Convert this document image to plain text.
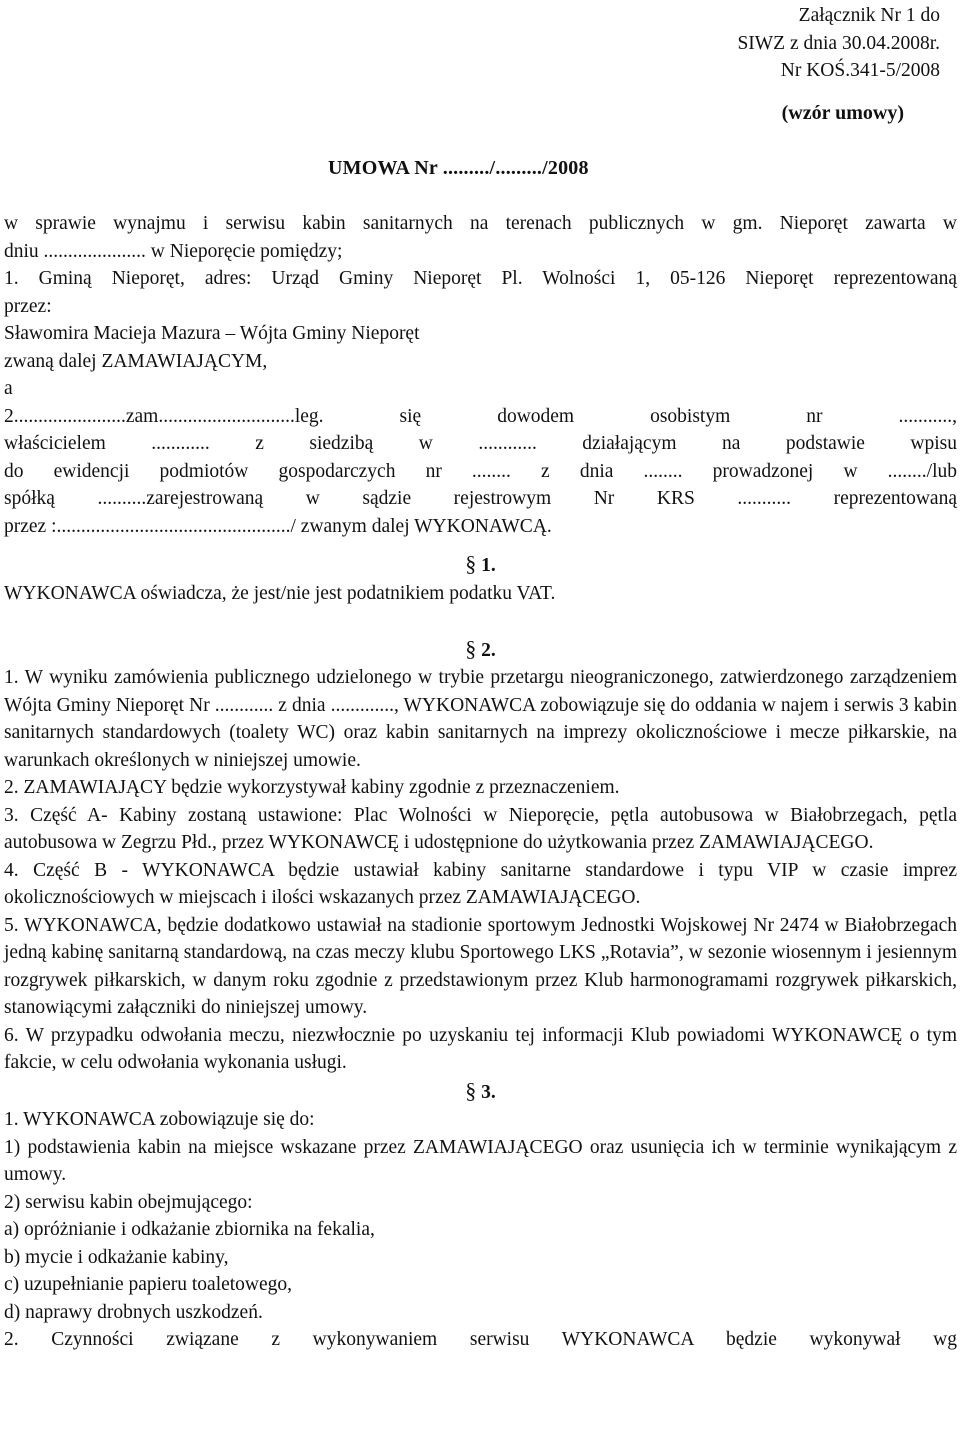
Załącznik Nr 1 do
SIWZ z dnia 30.04.2008r.
Nr KOŚ.341-5/2008
(wzór umowy)
UMOWA Nr ........./........./2008
w sprawie wynajmu i serwisu kabin sanitarnych na terenach publicznych w gm. Nieporęt zawarta w
dniu ..................... w Nieporęcie pomiędzy;
1. Gminą Nieporęt, adres: Urząd Gminy Nieporęt Pl. Wolności 1, 05-126 Nieporęt reprezentowaną
przez:
Sławomira Macieja Mazura – Wójta Gminy Nieporęt
zwaną dalej ZAMAWIAJĄCYM,
a
2.......................zam............................leg. się dowodem osobistym nr ...........,
właścicielem ............ z siedzibą w ............ działającym na podstawie wpisu
do ewidencji podmiotów gospodarczych nr ........ z dnia ........ prowadzonej w ......../lub
spółką ..........zarejestrowaną w sądzie rejestrowym Nr KRS ........... reprezentowaną
przez :................................................/ zwanym dalej WYKONAWCĄ.
§ 1.
WYKONAWCA oświadcza, że jest/nie jest podatnikiem podatku VAT.
§ 2.
1. W wyniku zamówienia publicznego udzielonego w trybie przetargu nieograniczonego, zatwierdzonego zarządzeniem Wójta Gminy Nieporęt Nr ............ z dnia ............., WYKONAWCA zobowiązuje się do oddania w najem i serwis 3 kabin sanitarnych standardowych (toalety WC) oraz kabin sanitarnych na imprezy okolicznościowe i mecze piłkarskie, na warunkach określonych w niniejszej umowie.
2. ZAMAWIAJĄCY będzie wykorzystywał kabiny zgodnie z przeznaczeniem.
3. Część A- Kabiny zostaną ustawione: Plac Wolności w Nieporęcie, pętla autobusowa w Białobrzegach, pętla autobusowa w Zegrzu Płd., przez WYKONAWCĘ i udostępnione do użytkowania przez ZAMAWIAJĄCEGO.
4. Część B - WYKONAWCA będzie ustawiał kabiny sanitarne standardowe i typu VIP w czasie imprez okolicznościowych w miejscach i ilości wskazanych przez ZAMAWIAJĄCEGO.
5. WYKONAWCA, będzie dodatkowo ustawiał na stadionie sportowym Jednostki Wojskowej Nr 2474 w Białobrzegach jedną kabinę sanitarną standardową, na czas meczy klubu Sportowego LKS „Rotavia”, w sezonie wiosennym i jesiennym rozgrywek piłkarskich, w danym roku zgodnie z przedstawionym przez Klub harmonogramami rozgrywek piłkarskich, stanowiącymi załączniki do niniejszej umowy.
6. W przypadku odwołania meczu, niezwłocznie po uzyskaniu tej informacji Klub powiadomi WYKONAWCĘ o tym fakcie, w celu odwołania wykonania usługi.
§ 3.
1. WYKONAWCA zobowiązuje się do:
1) podstawienia kabin na miejsce wskazane przez ZAMAWIAJĄCEGO oraz usunięcia ich w terminie wynikającym z umowy.
2) serwisu kabin obejmującego:
a) opróżnianie i odkażanie zbiornika na fekalia,
b) mycie i odkażanie kabiny,
c) uzupełnianie papieru toaletowego,
d) naprawy drobnych uszkodzeń.
2. Czynności związane z wykonywaniem serwisu WYKONAWCA będzie wykonywał wg
